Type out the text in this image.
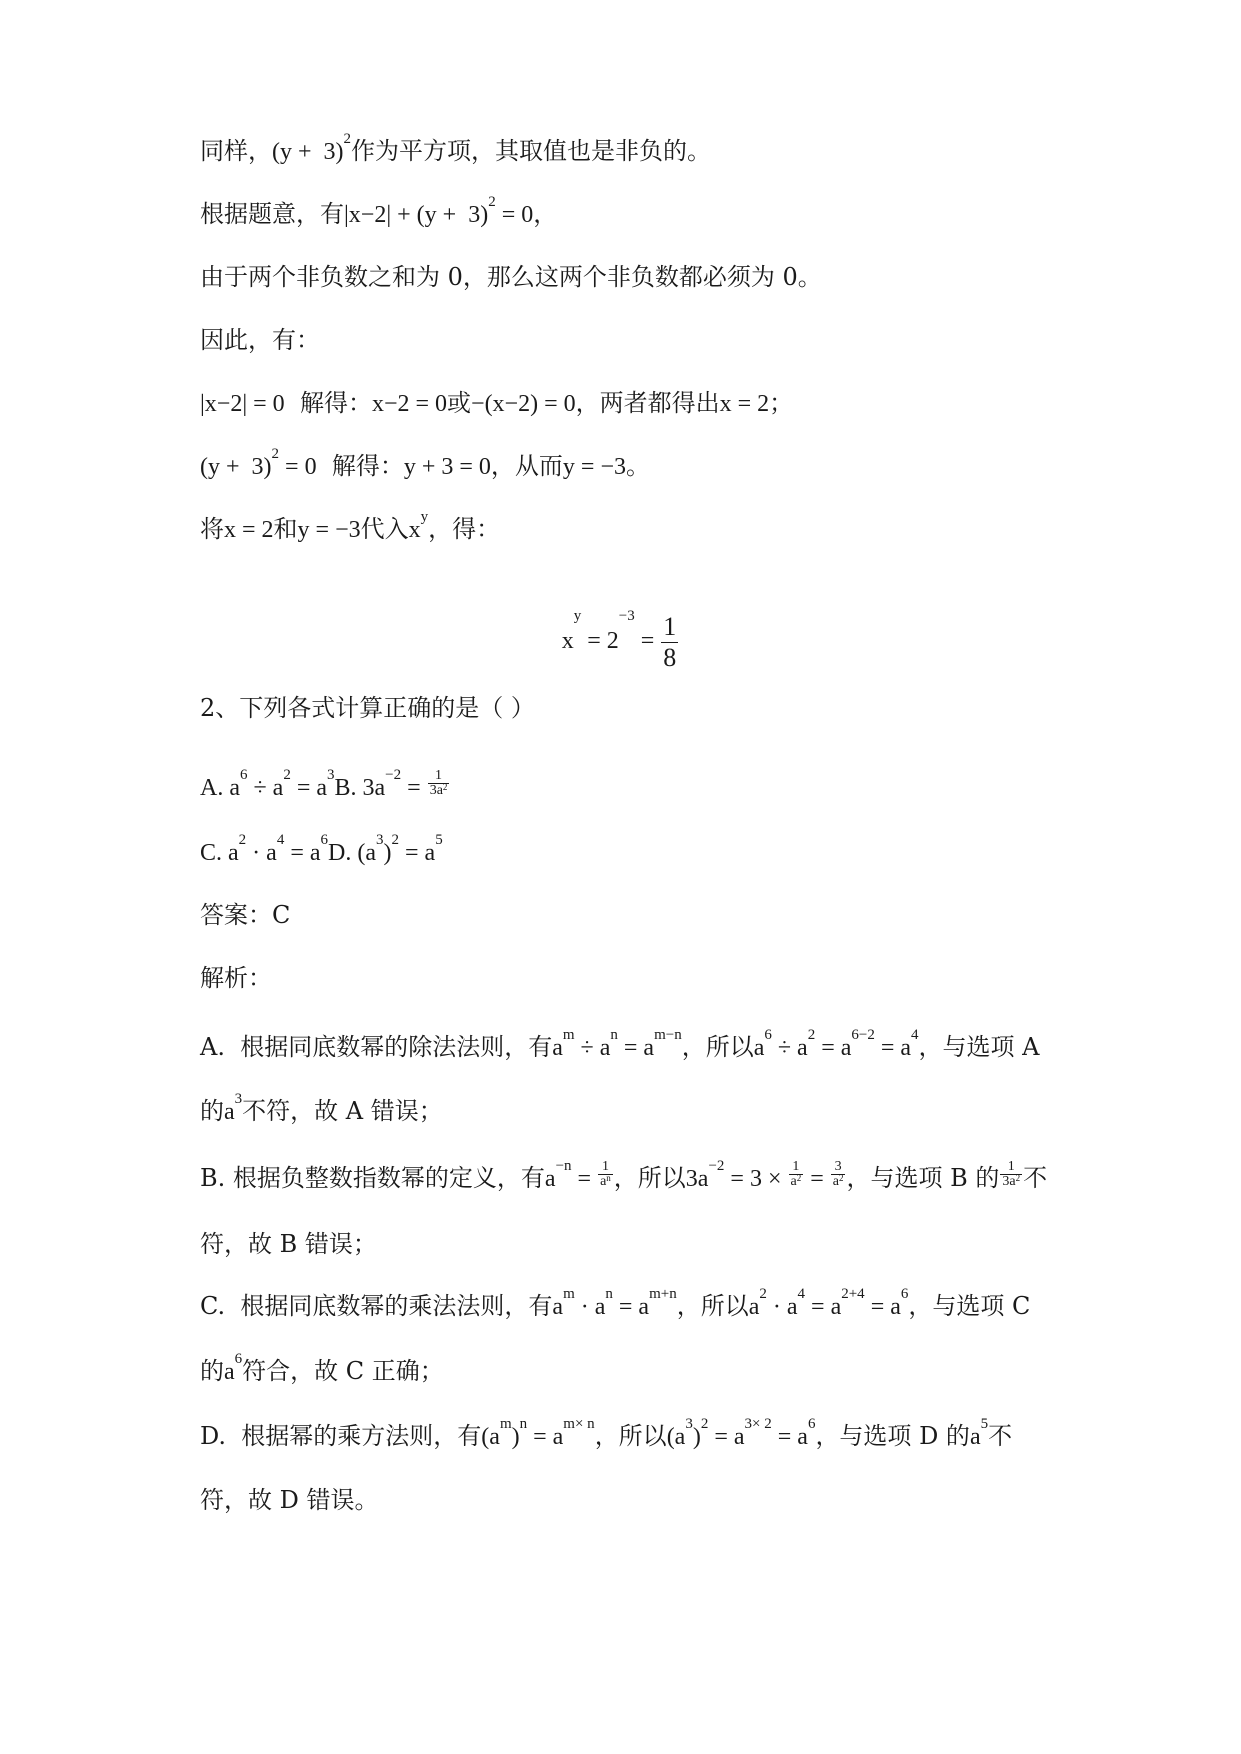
同样，$(y + 3)^2$作为平方项，其取值也是非负的。
根据题意，有$|x-2| + (y + 3)^2 = 0$，
由于两个非负数之和为 0，那么这两个非负数都必须为 0。
因此，有：
|x−2| = 0  解得：x−2 = 0或−(x−2) = 0，两者都得出x = 2；
$(y + 3)^2 = 0$  解得：y + 3 = 0，从而y = −3。
将x = 2和y = −3代入$x^y$，得：
$x^y = 2^{-3} = \frac{1}{8}$
2、下列各式计算正确的是（ ）
A. $a^6 \div a^2 = a^3B$. $3a^{-2} = \frac{1}{3a^2}$
C. $a^2 \cdot a^4 = a^6D$. $(a^3)^2 = a^5$
答案：C
解析：
A.  根据同底数幂的除法法则，有$a^m \div a^n = a^{m-n}$，所以$a^6 \div a^2 = a^{6-2} = a^4$，与选项 A
的$a^3$不符，故 A 错误；
B. 根据负整数指数幂的定义，有$a^{-n} = \frac{1}{a^n}$ ，所以$3a^{-2} = 3 \times \frac{1}{a^2} = \frac{3}{a^2}$ ，与选项 B 的 $\frac{1}{3a^2}$ 不
符，故 B 错误；
C.  根据同底数幂的乘法法则，有$a^m \cdot a^n = a^{m+n}$，所以$a^2 \cdot a^4 = a^{2+4} = a^6$，与选项 C
的$a^6$符合，故 C 正确；
D.  根据幂的乘方法则，有$(a^m)^n = a^{m\times n}$，所以$(a^3)^2 = a^{3\times 2} = a^6$，与选项 D 的$a^5$不
符，故 D 错误。
